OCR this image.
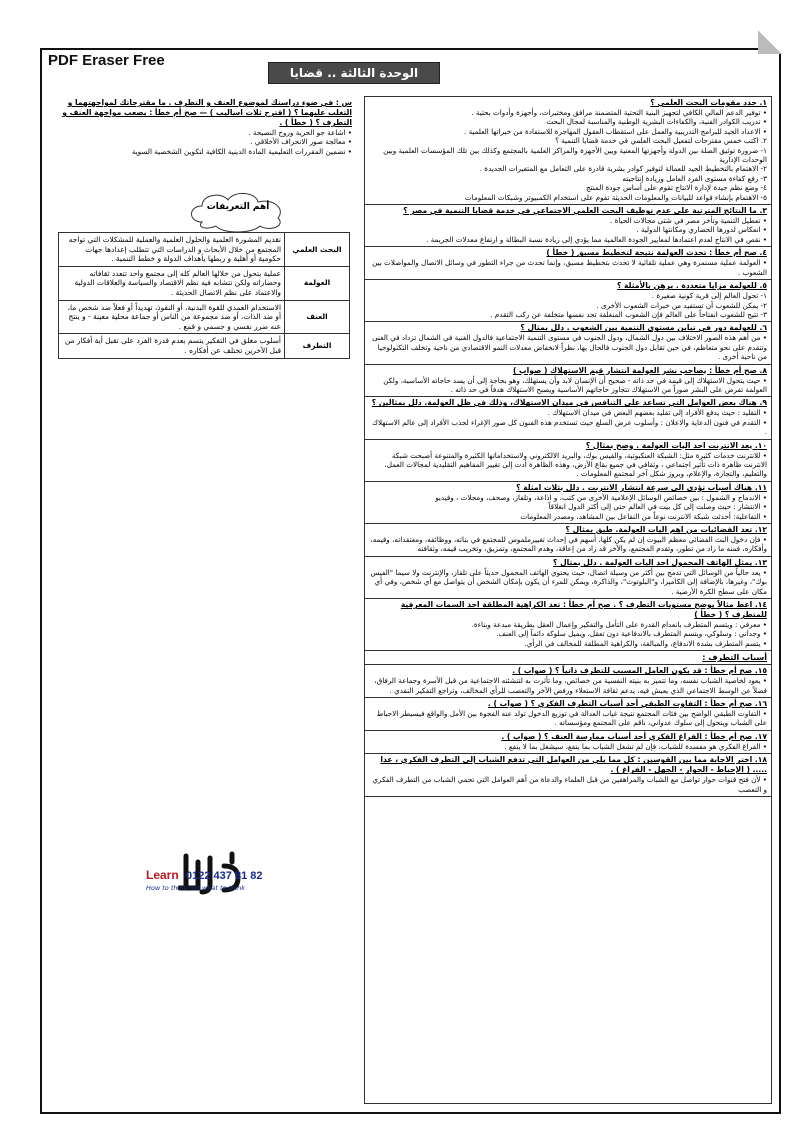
PDF Eraser Free
الوحدة الثالثة .. قضايا المجتمع
س : في ضوء دراستك لموضوع العنف و التطرف . ما مقترحاتك لمواجهتهما و التغلب عليهما ؟ ( اقترح ثلاث اساليب ) — صح أم خطأ : يصعب مواجهة العنف و التطرف ؟ ( خطأ ) .
• اشاعة جو الحرية وروح النصيحة .
• معالجة صور الانحراف الأخلاقي .
• تضمين المقررات التعليمية المادة الدينية الكافية لتكوين الشخصية السوية
أهم التعريفات
البحث العلمي	تقديم المشورة العلمية والحلول العلمية والعملية للمشكلات التي تواجه المجتمع من خلال الأبحاث و الدراسات التي تتطلب إعدادها جهات حكومية أو أهلية و ربطها بأهداف الدولة و خطط التنمية .
العولمة	عملية يتحول من خلالها العالم كله إلى مجتمع واحد تتعدد ثقافاته وحضاراته ولكن تتشابه فيه نظم الاقتصاد والسياسة والعلاقات الدولية والاعتماد على نظم الاتصال الحديثة .
العنف	الاستخدام العمدي للقوة البدنية، أو النفوذ، تهديداً أو فعلاً ضد شخص ما، أو ضد الذات، أو ضد مجموعة من الناس أو جماعة محلية معينة - و ينتج عنه ضرر نفسي و جسمي و قمع .
التطرف	أسلوب مغلق في التفكير يتسم بعدم قدرة الفرد على تقبل أية أفكار من قبل الآخرين تختلف عن أفكاره .
Learn 0122 437 81 82
How to think not what to think
١. حدد مقومات البحث العلمي ؟
• توفير الدعم المالي الكافي لتجهيز البنية التحتية المتضمنة مرافق ومختبرات، وأجهزة وأدوات بحثية .
• تدريب الكوادر الفنية، والكفاءات البشرية الوطنية والمناسبة لمجال البحث
• الاعداد الجيد للبرامج التدريبية والعمل على استقطاب العقول المهاجرة للاستفادة من خبراتها العلمية .
٢. اكتب خمس مقترحات لتفعيل البحث العلمي في خدمة قضايا التنمية ؟
١- ضرورة توثيق الصلة بين الدولة وأجهزتها المعنية وبين الأجهزة والمراكز العلمية بالمجتمع وكذلك بين تلك المؤسسات العلمية وبين الوحدات الإدارية
٢- الاهتمام بالتخطيط الجيد للعمالة لتوفير كوادر بشرية قادرة على التعامل مع المتغيرات الجديدة .
٣- رفع كفاءة مستوى الفرد العامل وزيادة إنتاجيته
٤- وضع نظم جيدة لإدارة الانتاج تقوم على أساس جودة المنتج
٥- الاهتمام بإنشاء قواعد للبيانات والمعلومات الحديثة تقوم على استخدام الكمبيوتر وشبكات المعلومات
٣. ما النتائج المترتبة على عدم توظيف البحث العلمي الاجتماعي في خدمة قضايا التنمية في مصر ؟
• تعطيل التنمية وتأخر مصر في شتى مجالات الحياة .
• انعكاس لدورها الحضاري ومكانتها الدولية .
• نقص في الانتاج لعدم اعتمادها لمعايير الجودة العالمية مما يؤدي إلى زيادة نسبة البطالة و ارتفاع معدلات الجريمة .
٤. صح أم خطأ : تحدث العولمة نتيجة لتخطيط مسبق ( خطأ )
• العولمة عملية مستمرة وهي عملية تلقائية لا تحدث بتخطيط مسبق، وإنما تحدث من جراء التطور في وسائل الاتصال والمواصلات بين الشعوب .
٥. للعولمة مزايا متعددة . برهن بالأمثلة ؟
١- تحول العالم إلى قرية كونية صغيرة .
٢- يمكن للشعوب أن تستفيد من خبرات الشعوب الأخرى .
٣- تتيح للشعوب انفتاحاً على العالم فإن الشعوب المنغلقة تجد نفسها متخلفة عن ركب التقدم .
٦. للعولمة دور في تباين مستوى التنمية بين الشعوب . دلل بمثال ؟
• من أهم هذه الصور الاختلاف بين دول الشمال، ودول الجنوب في مستوى التنمية الاجتماعية فالدول الغنية في الشمال تزداد في الغنى وتتقدم على نحو متعاظم، في حين تقابل دول الجنوب فالحال بها، نظراً لانخفاض معدلات النمو الاقتصادي من ناحية وتخلف التكنولوجيا من ناحية أخرى .
٨. صح أم خطأ : يصاحب نشر العولمة انتشار قيم الاستهلاك ( صواب )
• حيث يتحول الاستهلاك إلى قيمة في حد ذاته - صحيح أن الإنسان لابد وأن يستهلك، وهو بحاجة إلى أن يسد حاجاته الأساسية، ولكن العولمة تفرض على البشر صوراً من الاستهلاك تتجاوز حاجاتهم الأساسية ويصبح الاستهلاك هدفاً في حد ذاته .
٩. هناك بعض العوامل التي تساعد على التنافس في ميدان الاستهلاك، وذلك في ظل العولمة. دلل بمثالين ؟
• التقليد : حيث يدفع الأفراد إلى تقليد بعضهم البعض في ميدان الاستهلاك .
• التقدم في فنون الدعاية والاعلان : وأسلوب عرض السلع حيث تستخدم هذه الفنون كل صور الإغراء لجذب الأفراد إلى عالم الاستهلاك .
١٠. يعد الانترنت احد اليات العولمة . وضح بمثال ؟
• للانترنت خدمات كثيرة مثل: الشبكة العنكبوتية، والفيس بوك، والبريد الالكتروني ولاستخداماتها الكثيرة والمتنوعة أصبحت شبكة الانترنت ظاهرة ذات تأثير اجتماعي ، وثقافي في جميع بقاع الأرض، وهذه الظاهرة أدت إلى تغيير المفاهيم التقليدية لمجالات العمل، والتعليم، والتجارة، والإعلام، وبروز شكل آخر لمجتمع المعلومات .
١١. هناك أسباب تؤدي الى سرعة انتشار الانترنت . دلل بثلاث امثلة ؟
• الاندماج و الشمول : بين خصائص الوسائل الإعلامية الأخرى من كتب، و اذاعة، وتلفاز، وصحف، ومجلات ، وفيديو
• الانتشار : حيث وصلت إلى كل بيت في العالم حتى إلى أكثر الدول انغلاقاً
• التفاعلية: أحدثت شبكة الانترنت نوعاً من التفاعل بين المشاهد، ومصدر المعلومات
١٢. تعد الفضائيات من اهم اليات العولمة. طبق بمثال ؟
• فإن دخول البث الفضائي معظم البيوت إن لم يكن كلها، أسهم في إحداث تغييرملموس للمجتمع في بنائه، ووظائفه، ومعتقداته، وقيمه، وأفكاره، فمنه ما زاد من تطور، وتقدم المجتمع، والآخر قد زاد من إعاقة، وهدم المجتمع، وتمزيق، وتخريب قيمه، وثقافته
١٣. يمثل الهاتف المحمول احد اليات العولمة . دلل بمثال ؟
• يعد حالياً من الوسائل التي تدمج بين أكثر من وسيلة اتصال، حيث يحتوي الهاتف المحمول حديثاً على تلفاز، والإنترنت ولا سيما "الفيس بوك"، وغيرها، بالإضافة إلى الكاميرا، و"البلوتوث"، والذاكرة، ويمكن للمرء أن يكون بإمكان الشخص أن يتواصل مع أي شخص، وفي أي مكان على سطح الكرة الأرضية .
١٤. اعط مثالاً يوضح مستويات التطرف ؟ . صح أم خطأ : تعد الكراهية المطلقة احد السمات المعرفية للمتطرف ؟ ( خطأ )
• معرفي : ويتسم المتطرف بانعدام القدرة على التأمل والتفكير وإعمال العقل بطريقة مبدعة وبناءة.
• وجداني : وسلوكي، ويتسم المتطرف بالاندفاعية دون تعقل، ويميل سلوكه دائماً إلى العنف.
• يتسم المتطرف بشدة الاندفاع، والمبالغة، والكراهية المطلقة للمخالف في الرأي.
أسباب التطرف :
١٥. صح أم خطأ : قد يكون العامل المسبب للتطرف ذاتياً ؟ ( صواب ) .
• يعود لخاصية الشباب نفسه، وما تتميز به بنيته النفسية من خصائص، وما تأثرت به لتنشئته الاجتماعية من قبل الأسرة وجماعة الرفاق، فضلاً عن الوسط الاجتماعي الذي يعيش فيه، يدعم ثقافة الاستعلاء ورفض الآخر والتعصب للرأي المخالف، وتراجع التفكير النقدي .
١٦. صح أم خطأ : التفاوت الطبقي أحد أسباب التطرف الفكري ؟ ( صواب ) .
• التفاوت الطبقي الواضح بين فئات المجتمع نتيجة غياب العدالة في توزيع الدخول تولد عنه الفجوة بين الأمل والواقع فيسيطر الاحباط على الشباب ويتحول إلى سلوك عدواني، ناقم على المجتمع ومؤسساته .
١٧. صح أم خطأ : الفراغ الفكري أحد أسباب ممارسة العنف ؟ ( صواب ) .
• الفراغ الفكري هو مفسدة للشباب، فإن لم تشغل الشباب بما يتفع، سيشغل بما لا ينفع .
١٨. اختر الاجابة مما بين القوسين : كل مما يلي من العوامل التي تدفع الشباب إلى التطرف الفكري ، عدا ..... ( الإحباط - الحوار - الجهل - الفراغ ) .
• لأن فتح قنوات حوار تواصل مع الشباب والمراهقين من قبل العلماء والدعاة من أهم العوامل التي تحمي الشباب من التطرف الفكري و التعصب
